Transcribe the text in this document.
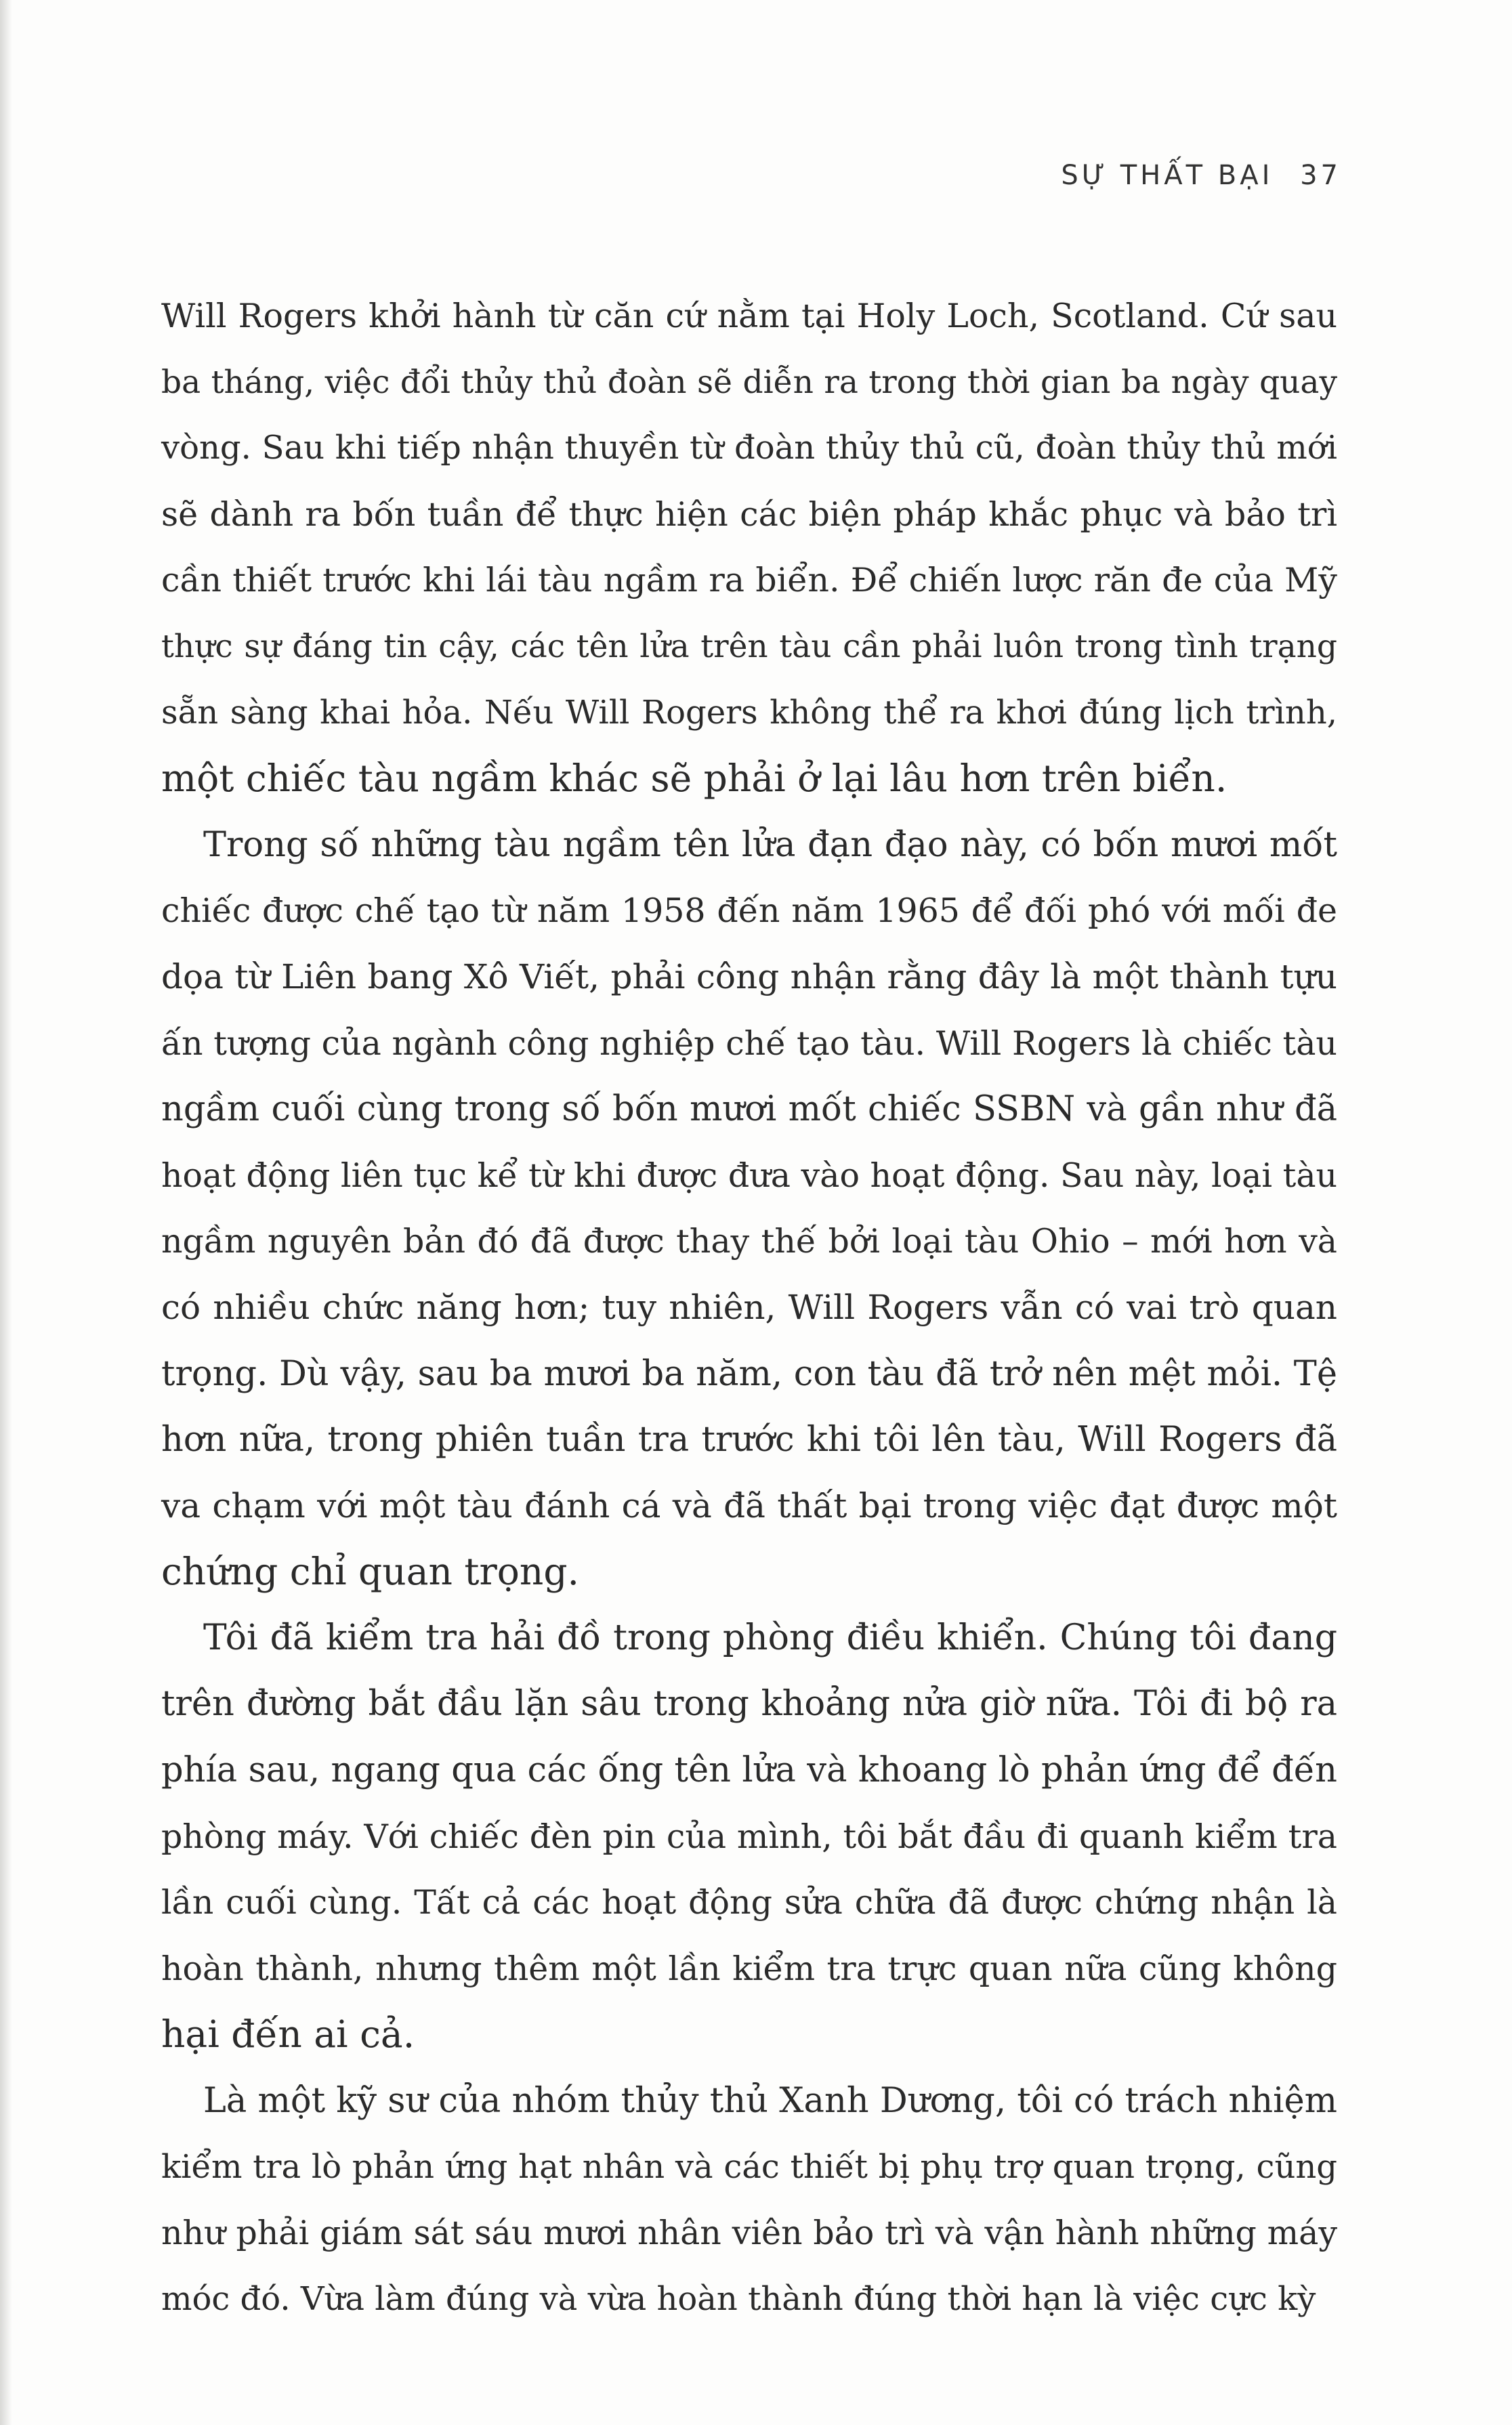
SỰ THẤT BẠI 37
Will Rogers khởi hành từ căn cứ nằm tại Holy Loch, Scotland. Cứ sau
ba tháng, việc đổi thủy thủ đoàn sẽ diễn ra trong thời gian ba ngày quay
vòng. Sau khi tiếp nhận thuyền từ đoàn thủy thủ cũ, đoàn thủy thủ mới
sẽ dành ra bốn tuần để thực hiện các biện pháp khắc phục và bảo trì
cần thiết trước khi lái tàu ngầm ra biển. Để chiến lược răn đe của Mỹ
thực sự đáng tin cậy, các tên lửa trên tàu cần phải luôn trong tình trạng
sẵn sàng khai hỏa. Nếu Will Rogers không thể ra khơi đúng lịch trình,
một chiếc tàu ngầm khác sẽ phải ở lại lâu hơn trên biển.
Trong số những tàu ngầm tên lửa đạn đạo này, có bốn mươi mốt
chiếc được chế tạo từ năm 1958 đến năm 1965 để đối phó với mối đe
dọa từ Liên bang Xô Viết, phải công nhận rằng đây là một thành tựu
ấn tượng của ngành công nghiệp chế tạo tàu. Will Rogers là chiếc tàu
ngầm cuối cùng trong số bốn mươi mốt chiếc SSBN và gần như đã
hoạt động liên tục kể từ khi được đưa vào hoạt động. Sau này, loại tàu
ngầm nguyên bản đó đã được thay thế bởi loại tàu Ohio – mới hơn và
có nhiều chức năng hơn; tuy nhiên, Will Rogers vẫn có vai trò quan
trọng. Dù vậy, sau ba mươi ba năm, con tàu đã trở nên mệt mỏi. Tệ
hơn nữa, trong phiên tuần tra trước khi tôi lên tàu, Will Rogers đã
va chạm với một tàu đánh cá và đã thất bại trong việc đạt được một
chứng chỉ quan trọng.
Tôi đã kiểm tra hải đồ trong phòng điều khiển. Chúng tôi đang
trên đường bắt đầu lặn sâu trong khoảng nửa giờ nữa. Tôi đi bộ ra
phía sau, ngang qua các ống tên lửa và khoang lò phản ứng để đến
phòng máy. Với chiếc đèn pin của mình, tôi bắt đầu đi quanh kiểm tra
lần cuối cùng. Tất cả các hoạt động sửa chữa đã được chứng nhận là
hoàn thành, nhưng thêm một lần kiểm tra trực quan nữa cũng không
hại đến ai cả.
Là một kỹ sư của nhóm thủy thủ Xanh Dương, tôi có trách nhiệm
kiểm tra lò phản ứng hạt nhân và các thiết bị phụ trợ quan trọng, cũng
như phải giám sát sáu mươi nhân viên bảo trì và vận hành những máy
móc đó. Vừa làm đúng và vừa hoàn thành đúng thời hạn là việc cực kỳ
